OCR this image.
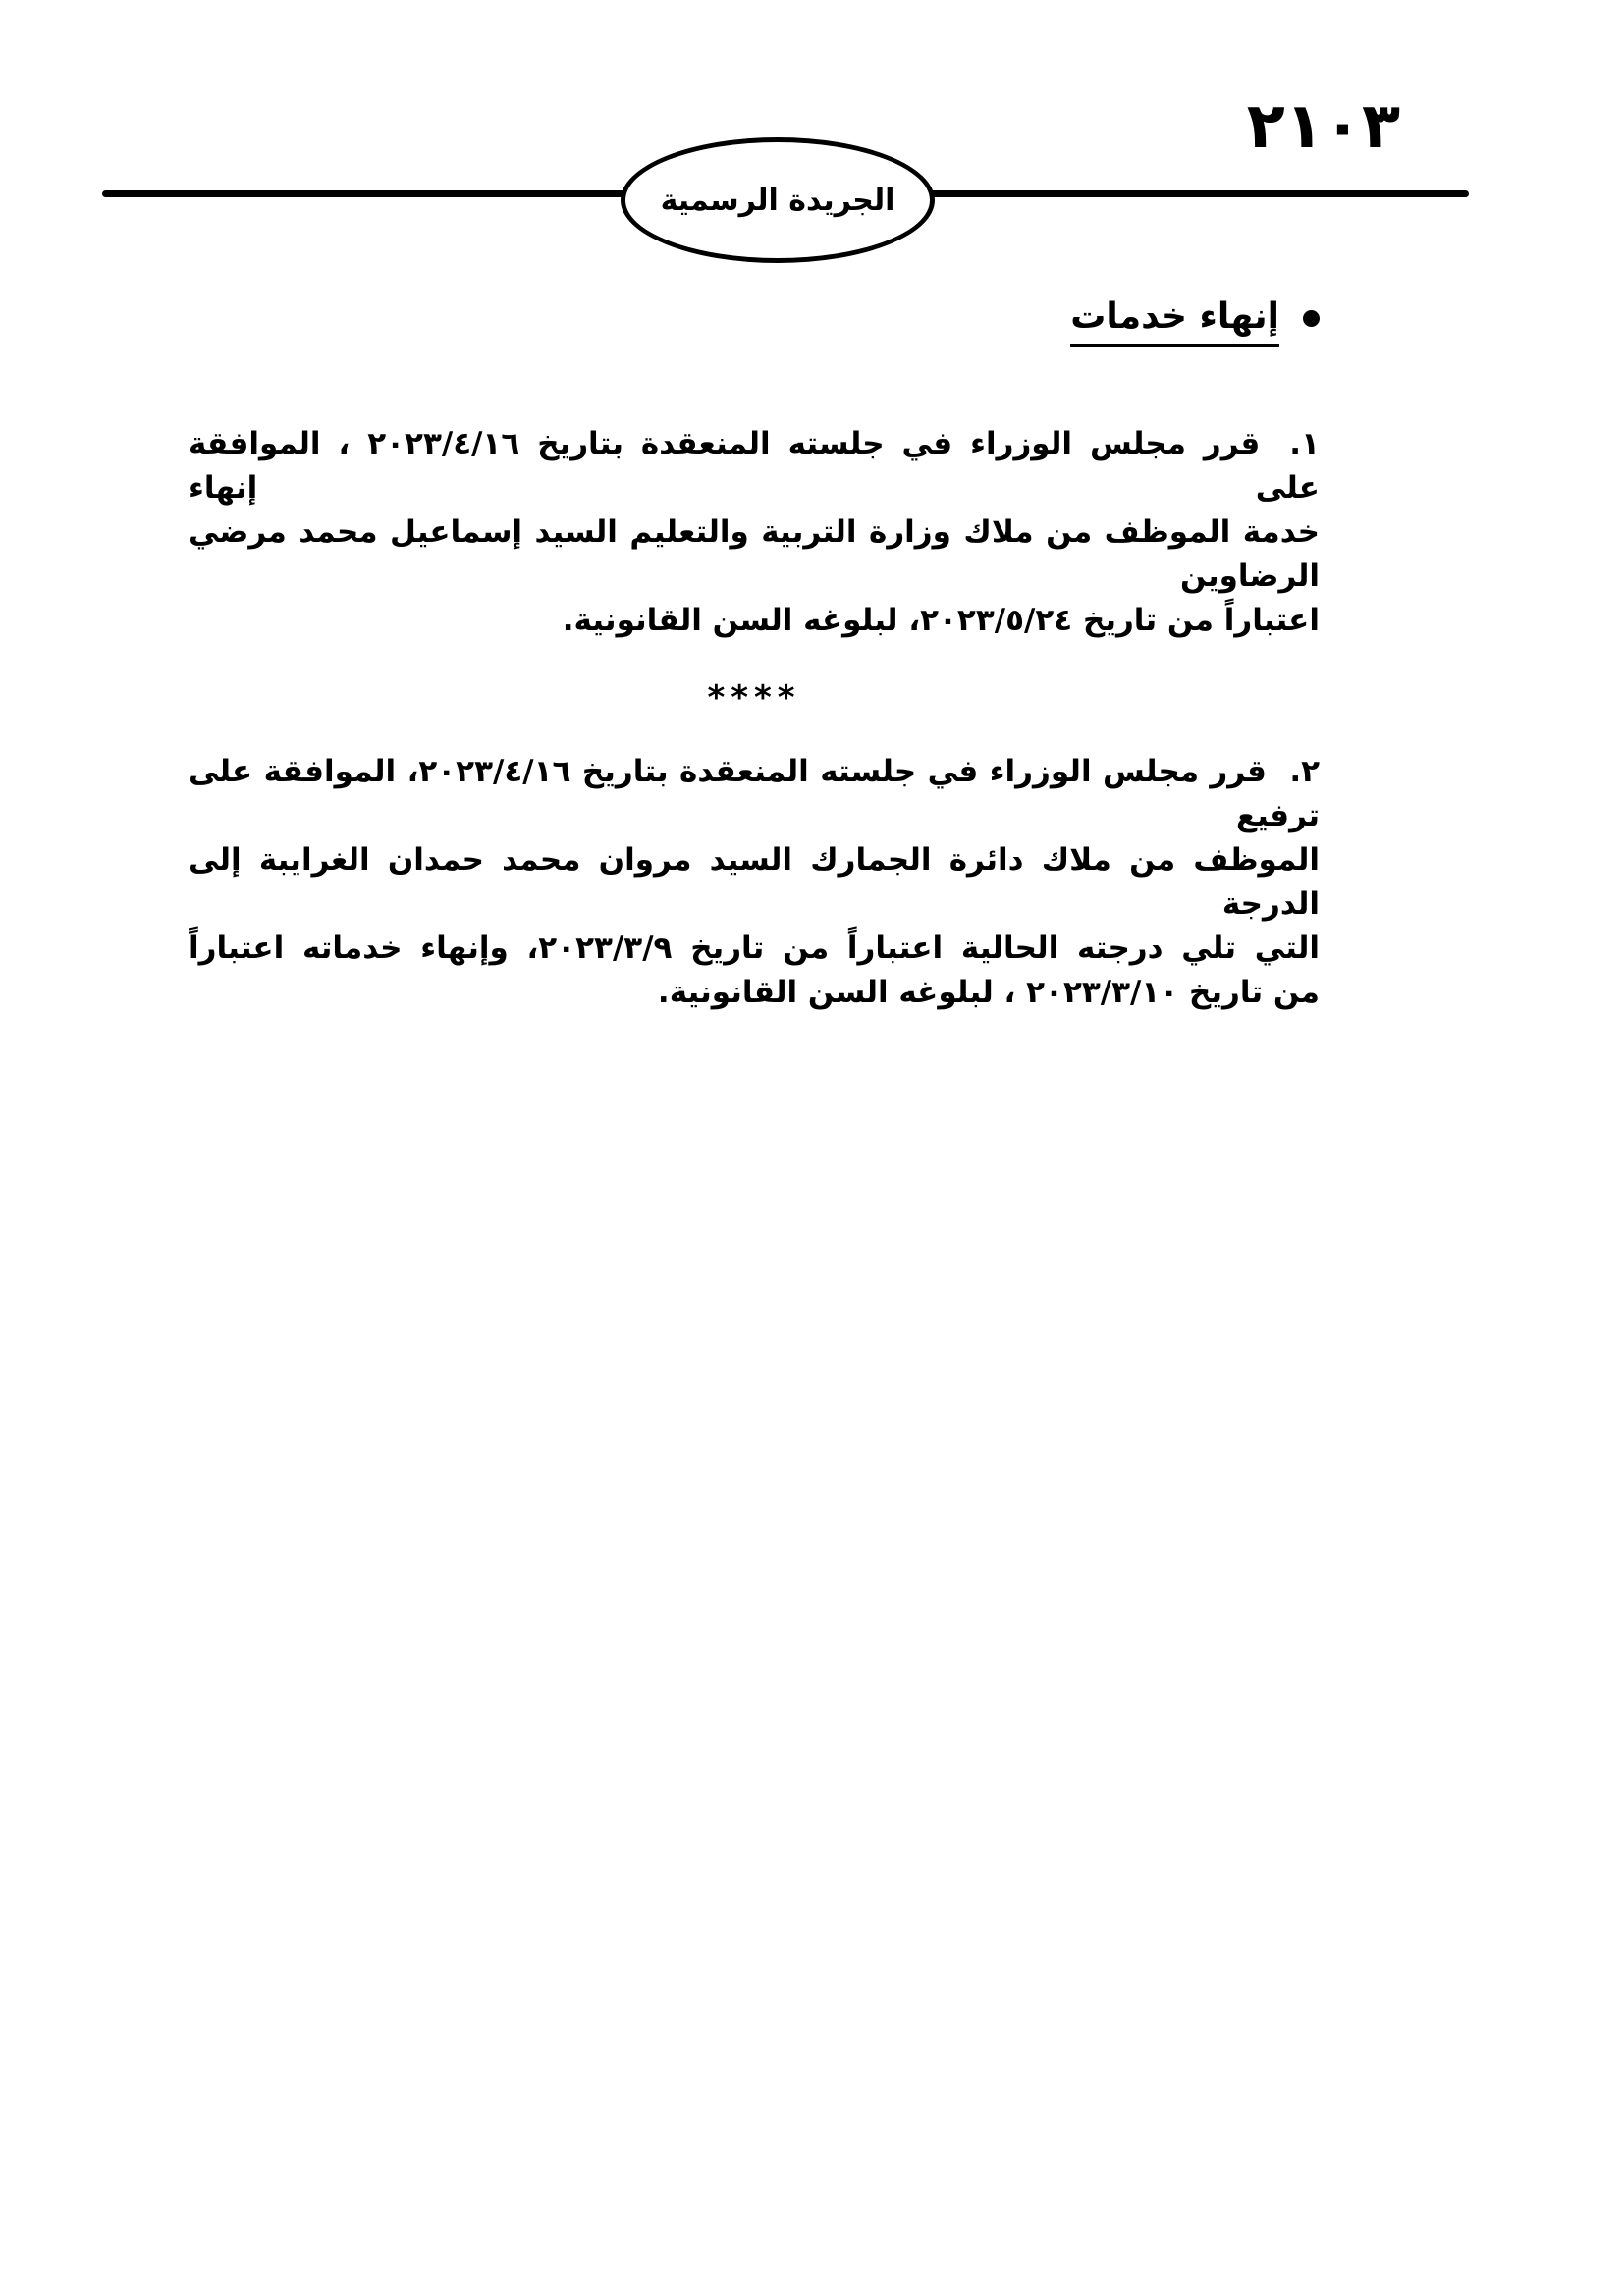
٢١٠٣
الجريدة الرسمية
إنهاء خدمات
١. قرر مجلس الوزراء في جلسته المنعقدة بتاريخ ٢٠٢٣/٤/١٦ ، الموافقة على إنهاء
خدمة الموظف من ملاك وزارة التربية والتعليم السيد إسماعيل محمد مرضي الرضاوين
اعتباراً من تاريخ ٢٠٢٣/٥/٢٤، لبلوغه السن القانونية.
****
٢. قرر مجلس الوزراء في جلسته المنعقدة بتاريخ ٢٠٢٣/٤/١٦، الموافقة على ترفيع
الموظف من ملاك دائرة الجمارك السيد مروان محمد حمدان الغرايبة إلى الدرجة
التي تلي درجته الحالية اعتباراً من تاريخ ٢٠٢٣/٣/٩، وإنهاء خدماته اعتباراً
من تاريخ ٢٠٢٣/٣/١٠ ، لبلوغه السن القانونية.
